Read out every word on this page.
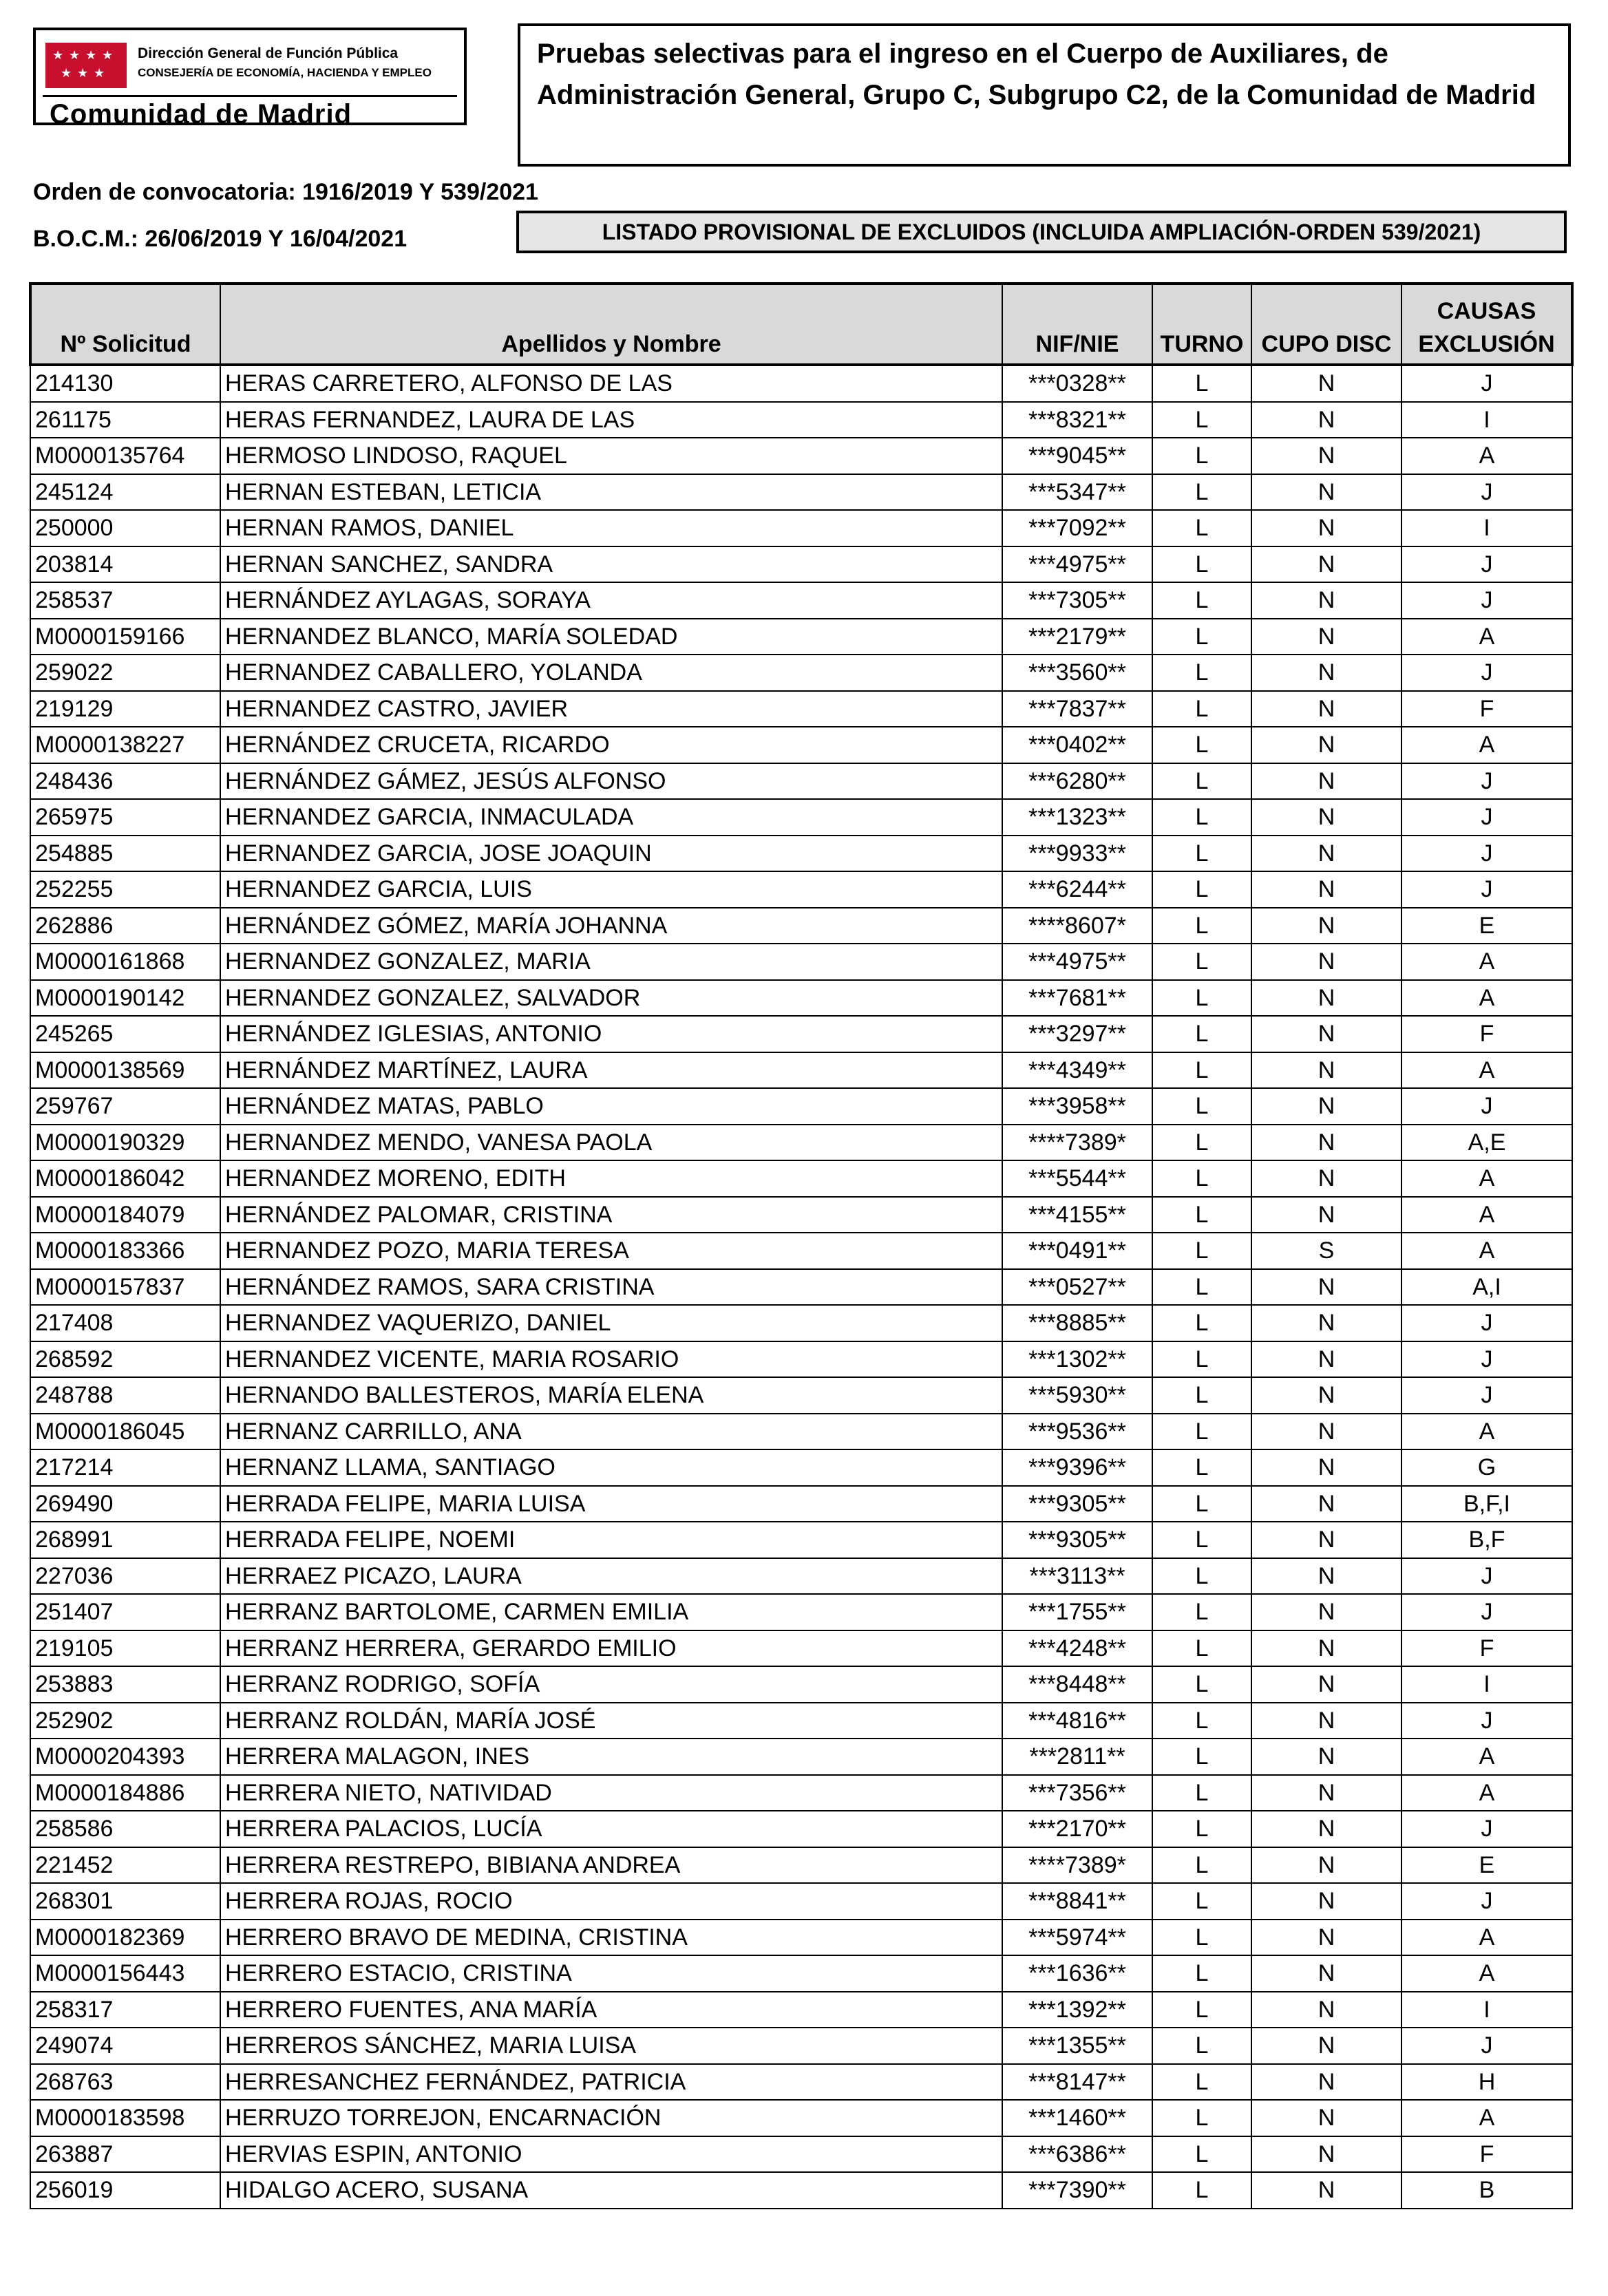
★ ★ ★ ★
★ ★ ★
Dirección General de Función Pública
CONSEJERÍA DE ECONOMÍA, HACIENDA Y EMPLEO
Comunidad de Madrid
Pruebas selectivas para el ingreso en el Cuerpo de Auxiliares, de Administración General, Grupo C, Subgrupo C2, de la Comunidad de Madrid
Orden de convocatoria: 1916/2019 Y 539/2021
B.O.C.M.: 26/06/2019 Y 16/04/2021	LISTADO PROVISIONAL DE EXCLUIDOS (INCLUIDA AMPLIACIÓN-ORDEN 539/2021)
Nº Solicitud	Apellidos y Nombre	NIF/NIE	TURNO	CUPO DISC	CAUSAS
EXCLUSIÓN
214130	HERAS CARRETERO, ALFONSO DE LAS	***0328**	L	N	J
261175	HERAS FERNANDEZ, LAURA DE LAS	***8321**	L	N	I
M0000135764	HERMOSO LINDOSO, RAQUEL	***9045**	L	N	A
245124	HERNAN ESTEBAN, LETICIA	***5347**	L	N	J
250000	HERNAN RAMOS, DANIEL	***7092**	L	N	I
203814	HERNAN SANCHEZ, SANDRA	***4975**	L	N	J
258537	HERNÁNDEZ AYLAGAS, SORAYA	***7305**	L	N	J
M0000159166	HERNANDEZ BLANCO, MARÍA SOLEDAD	***2179**	L	N	A
259022	HERNANDEZ CABALLERO, YOLANDA	***3560**	L	N	J
219129	HERNANDEZ CASTRO, JAVIER	***7837**	L	N	F
M0000138227	HERNÁNDEZ CRUCETA, RICARDO	***0402**	L	N	A
248436	HERNÁNDEZ GÁMEZ, JESÚS ALFONSO	***6280**	L	N	J
265975	HERNANDEZ GARCIA, INMACULADA	***1323**	L	N	J
254885	HERNANDEZ GARCIA, JOSE JOAQUIN	***9933**	L	N	J
252255	HERNANDEZ GARCIA, LUIS	***6244**	L	N	J
262886	HERNÁNDEZ GÓMEZ, MARÍA JOHANNA	****8607*	L	N	E
M0000161868	HERNANDEZ GONZALEZ, MARIA	***4975**	L	N	A
M0000190142	HERNANDEZ GONZALEZ, SALVADOR	***7681**	L	N	A
245265	HERNÁNDEZ IGLESIAS, ANTONIO	***3297**	L	N	F
M0000138569	HERNÁNDEZ MARTÍNEZ, LAURA	***4349**	L	N	A
259767	HERNÁNDEZ MATAS, PABLO	***3958**	L	N	J
M0000190329	HERNANDEZ MENDO, VANESA PAOLA	****7389*	L	N	A,E
M0000186042	HERNANDEZ MORENO, EDITH	***5544**	L	N	A
M0000184079	HERNÁNDEZ PALOMAR, CRISTINA	***4155**	L	N	A
M0000183366	HERNANDEZ POZO, MARIA TERESA	***0491**	L	S	A
M0000157837	HERNÁNDEZ RAMOS, SARA CRISTINA	***0527**	L	N	A,I
217408	HERNANDEZ VAQUERIZO, DANIEL	***8885**	L	N	J
268592	HERNANDEZ VICENTE, MARIA ROSARIO	***1302**	L	N	J
248788	HERNANDO BALLESTEROS, MARÍA ELENA	***5930**	L	N	J
M0000186045	HERNANZ CARRILLO, ANA	***9536**	L	N	A
217214	HERNANZ LLAMA, SANTIAGO	***9396**	L	N	G
269490	HERRADA FELIPE, MARIA LUISA	***9305**	L	N	B,F,I
268991	HERRADA FELIPE, NOEMI	***9305**	L	N	B,F
227036	HERRAEZ PICAZO, LAURA	***3113**	L	N	J
251407	HERRANZ BARTOLOME, CARMEN EMILIA	***1755**	L	N	J
219105	HERRANZ HERRERA, GERARDO EMILIO	***4248**	L	N	F
253883	HERRANZ RODRIGO, SOFÍA	***8448**	L	N	I
252902	HERRANZ ROLDÁN, MARÍA JOSÉ	***4816**	L	N	J
M0000204393	HERRERA MALAGON, INES	***2811**	L	N	A
M0000184886	HERRERA NIETO, NATIVIDAD	***7356**	L	N	A
258586	HERRERA PALACIOS, LUCÍA	***2170**	L	N	J
221452	HERRERA RESTREPO, BIBIANA ANDREA	****7389*	L	N	E
268301	HERRERA ROJAS, ROCIO	***8841**	L	N	J
M0000182369	HERRERO BRAVO DE MEDINA, CRISTINA	***5974**	L	N	A
M0000156443	HERRERO ESTACIO, CRISTINA	***1636**	L	N	A
258317	HERRERO FUENTES, ANA MARÍA	***1392**	L	N	I
249074	HERREROS SÁNCHEZ, MARIA LUISA	***1355**	L	N	J
268763	HERRESANCHEZ FERNÁNDEZ, PATRICIA	***8147**	L	N	H
M0000183598	HERRUZO TORREJON, ENCARNACIÓN	***1460**	L	N	A
263887	HERVIAS ESPIN, ANTONIO	***6386**	L	N	F
256019	HIDALGO ACERO, SUSANA	***7390**	L	N	B
